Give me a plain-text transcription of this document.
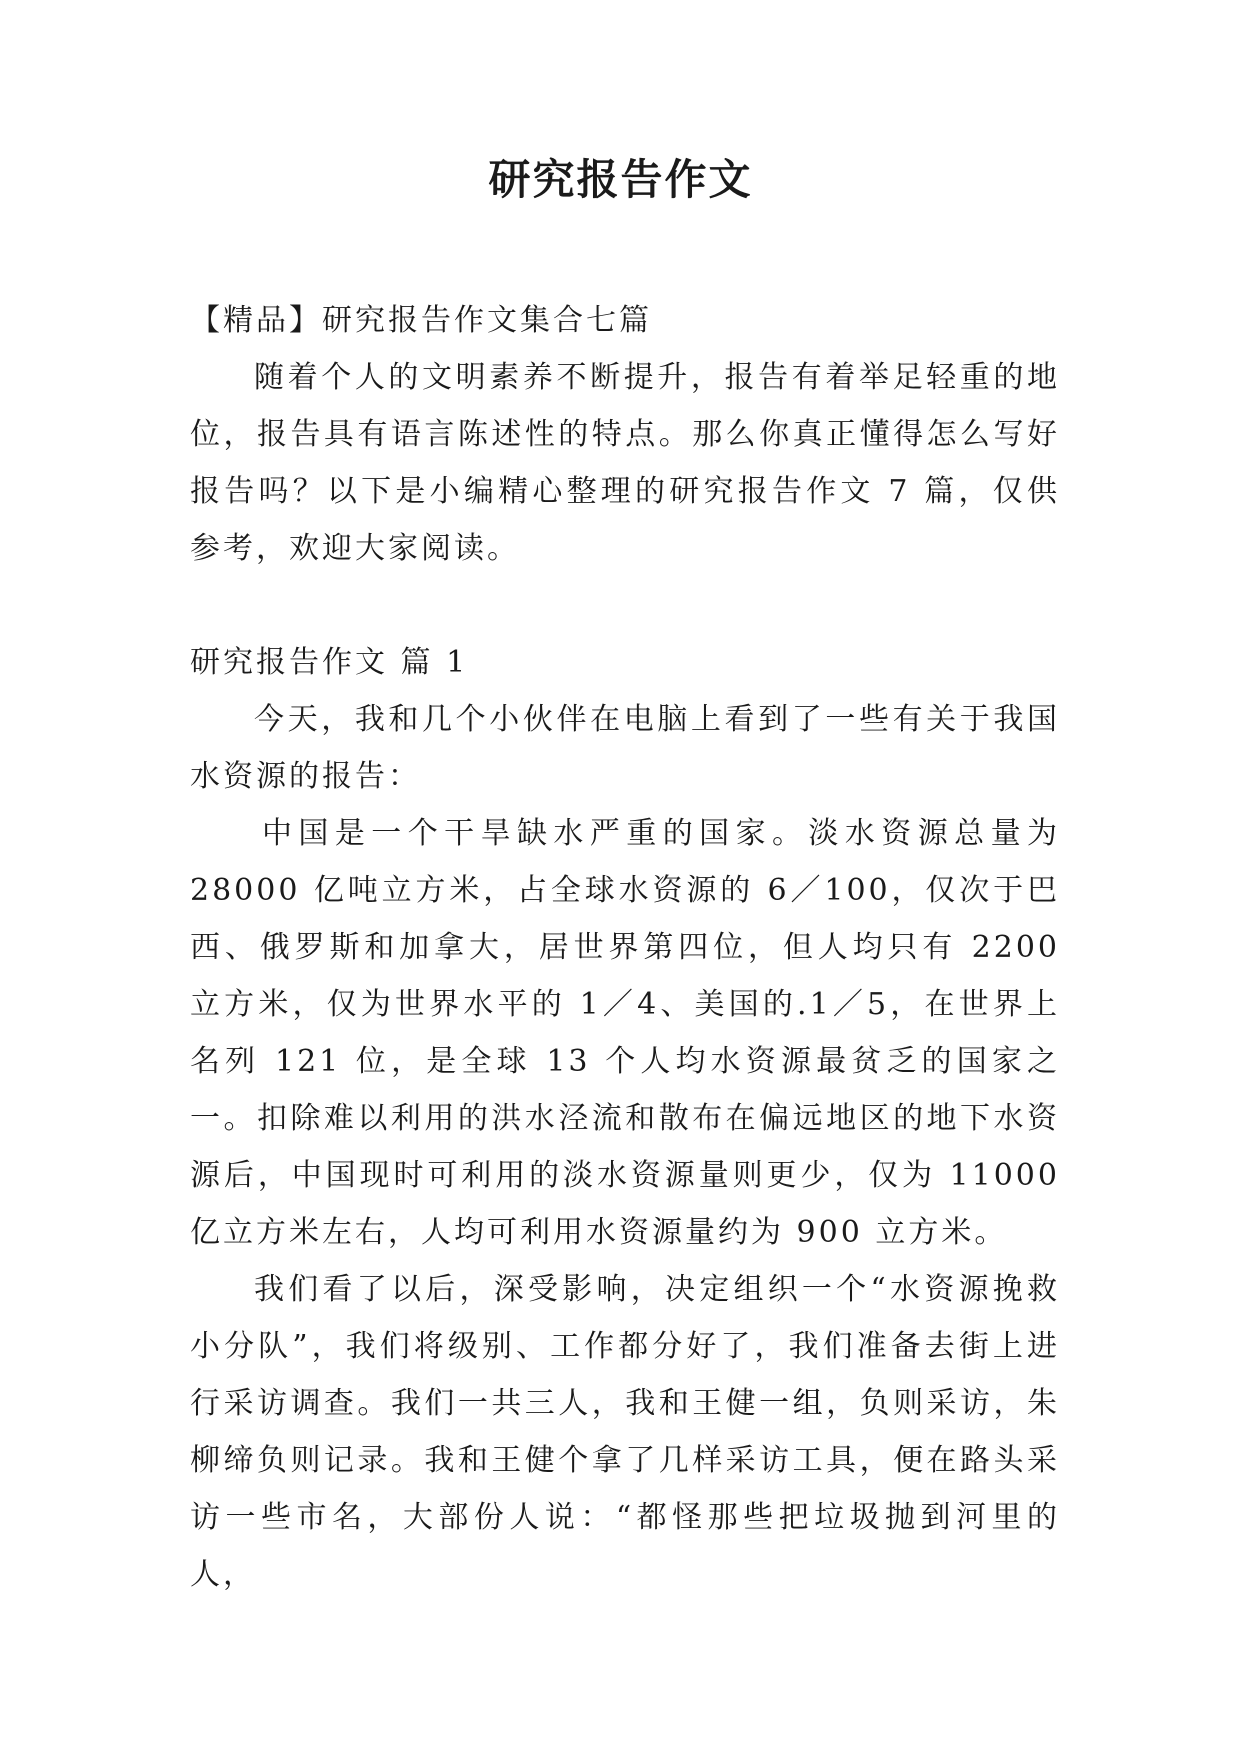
研究报告作文

【精品】研究报告作文集合七篇

随着个人的文明素养不断提升，报告有着举足轻重的地位，报告具有语言陈述性的特点。那么你真正懂得怎么写好报告吗？以下是小编精心整理的研究报告作文 7 篇，仅供参考，欢迎大家阅读。

研究报告作文 篇 1

今天，我和几个小伙伴在电脑上看到了一些有关于我国水资源的报告：

中国是一个干旱缺水严重的国家。淡水资源总量为 28000 亿吨立方米，占全球水资源的 6／100，仅次于巴西、俄罗斯和加拿大，居世界第四位，但人均只有 2200 立方米，仅为世界水平的 1／4、美国的.1／5，在世界上名列 121 位，是全球 13 个人均水资源最贫乏的国家之一。扣除难以利用的洪水泾流和散布在偏远地区的地下水资源后，中国现时可利用的淡水资源量则更少，仅为 11000 亿立方米左右，人均可利用水资源量约为 900 立方米。

我们看了以后，深受影响，决定组织一个“水资源挽救小分队”，我们将级别、工作都分好了，我们准备去街上进行采访调查。我们一共三人，我和王健一组，负则采访，朱柳缔负则记录。我和王健个拿了几样采访工具，便在路头采访一些市名，大部份人说：“都怪那些把垃圾抛到河里的人，
